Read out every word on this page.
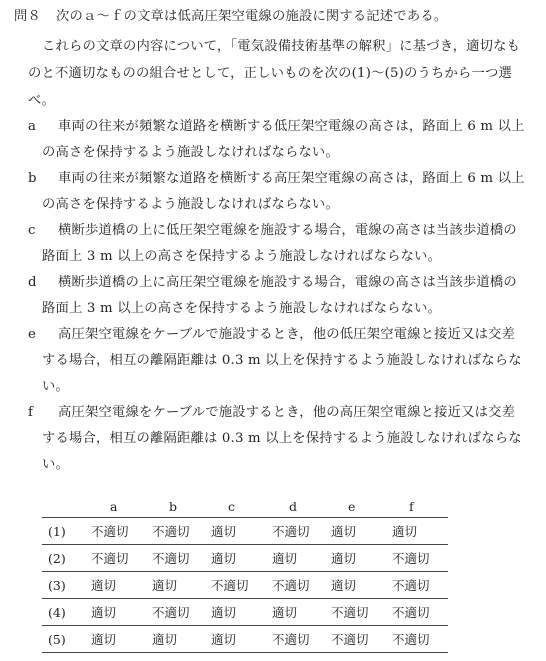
問８ 次のａ～ｆの文章は低高圧架空電線の施設に関する記述である。
これらの文章の内容について，「電気設備技術基準の解釈」に基づき，適切なも
のと不適切なものの組合せとして，正しいものを次の(1)～(5)のうちから一つ選
べ。
a 車両の往来が頻繁な道路を横断する低圧架空電線の高さは，路面上 6 m 以上
の高さを保持するよう施設しなければならない。
b 車両の往来が頻繁な道路を横断する高圧架空電線の高さは，路面上 6 m 以上
の高さを保持するよう施設しなければならない。
c 横断歩道橋の上に低圧架空電線を施設する場合，電線の高さは当該歩道橋の
路面上 3 m 以上の高さを保持するよう施設しなければならない。
d 横断歩道橋の上に高圧架空電線を施設する場合，電線の高さは当該歩道橋の
路面上 3 m 以上の高さを保持するよう施設しなければならない。
e 高圧架空電線をケーブルで施設するとき，他の低圧架空電線と接近又は交差
する場合，相互の離隔距離は 0.3 m 以上を保持するよう施設しなければならな
い。
f 高圧架空電線をケーブルで施設するとき，他の高圧架空電線と接近又は交差
する場合，相互の離隔距離は 0.3 m 以上を保持するよう施設しなければならな
い。
	a	b	c	d	e	f
(1)	不適切	不適切	適切	不適切	適切	適切
(2)	不適切	不適切	適切	適切	適切	不適切
(3)	適切	適切	不適切	不適切	適切	不適切
(4)	適切	不適切	適切	適切	不適切	不適切
(5)	適切	適切	適切	不適切	不適切	不適切
